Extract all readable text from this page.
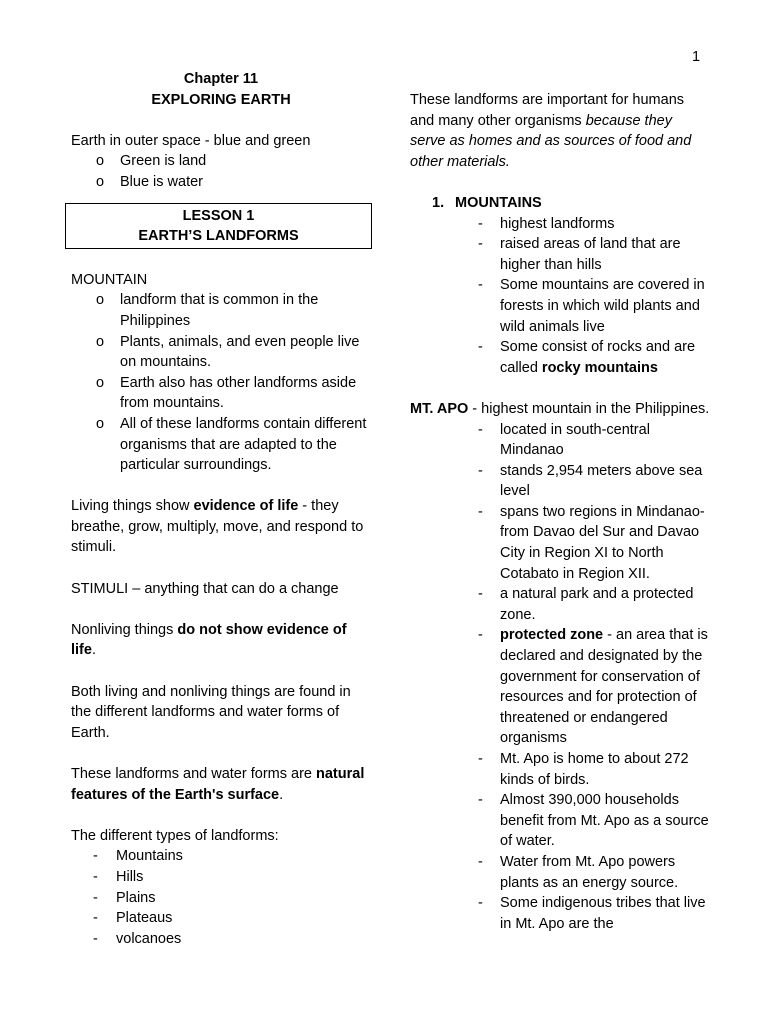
1
Chapter 11
EXPLORING EARTH
Earth in outer space - blue and green
o Green is land
o Blue is water
LESSON 1
EARTH’S LANDFORMS
MOUNTAIN
o landform that is common in the Philippines
o Plants, animals, and even people live on mountains.
o Earth also has other landforms aside from mountains.
o All of these landforms contain different organisms that are adapted to the particular surroundings.
Living things show evidence of life - they breathe, grow, multiply, move, and respond to stimuli.
STIMULI – anything that can do a change
Nonliving things do not show evidence of life.
Both living and nonliving things are found in the different landforms and water forms of Earth.
These landforms and water forms are natural features of the Earth's surface.
The different types of landforms:
- Mountains
- Hills
- Plains
- Plateaus
- volcanoes
These landforms are important for humans and many other organisms because they serve as homes and as sources of food and other materials.
1. MOUNTAINS
- highest landforms
- raised areas of land that are higher than hills
- Some mountains are covered in forests in which wild plants and wild animals live
- Some consist of rocks and are called rocky mountains
MT. APO - highest mountain in the Philippines.
- located in south-central Mindanao
- stands 2,954 meters above sea level
- spans two regions in Mindanao-from Davao del Sur and Davao City in Region XI to North Cotabato in Region XII.
- a natural park and a protected zone.
- protected zone - an area that is declared and designated by the government for conservation of resources and for protection of threatened or endangered organisms
- Mt. Apo is home to about 272 kinds of birds.
- Almost 390,000 households benefit from Mt. Apo as a source of water.
- Water from Mt. Apo powers plants as an energy source.
- Some indigenous tribes that live in Mt. Apo are the
